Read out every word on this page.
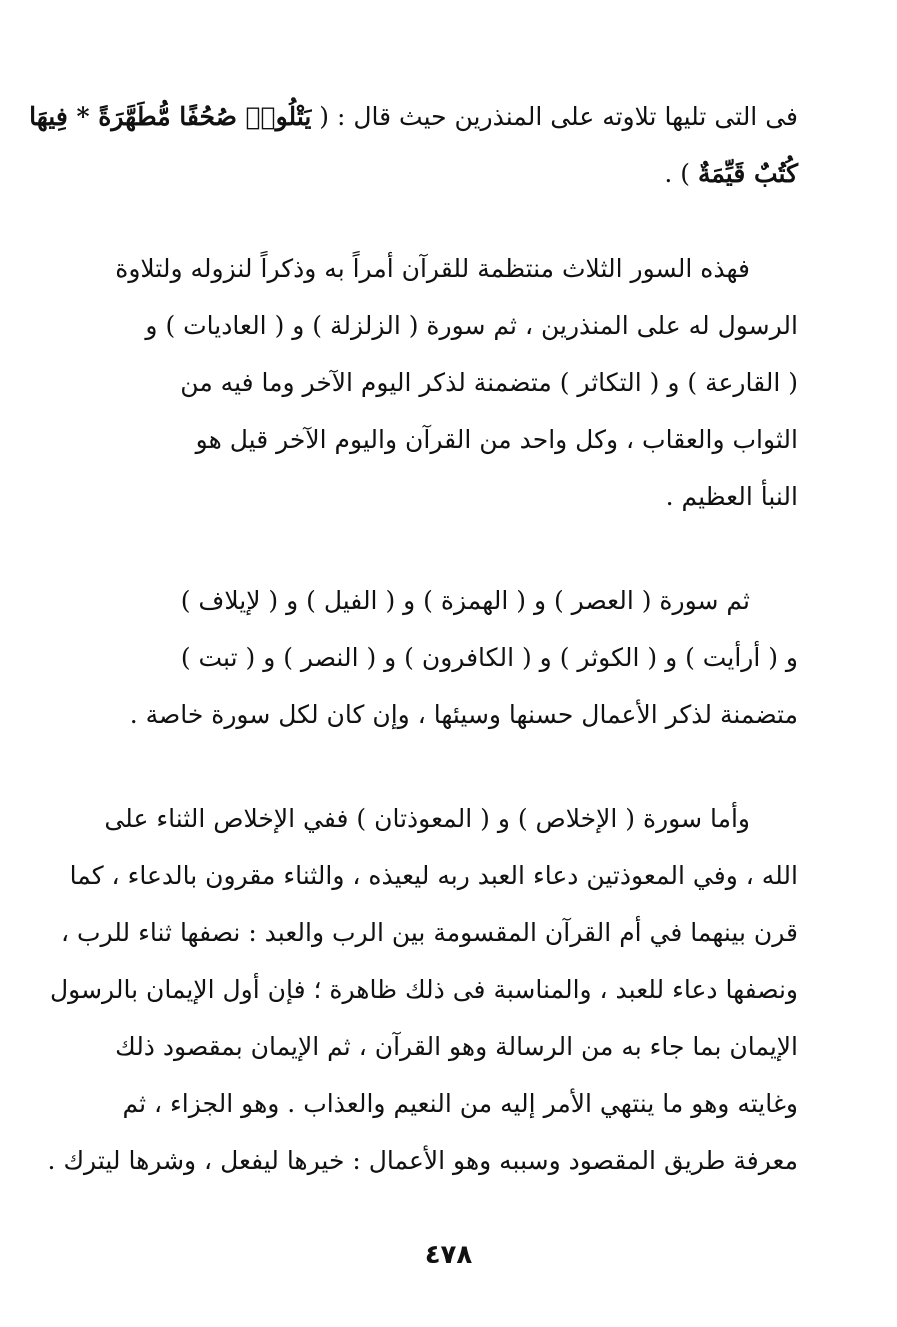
فى التى تليها تلاوته على المنذرين حيث قال : ( يَتْلُوا۟ صُحُفًا مُّطَهَّرَةً * فِيهَا
كُتُبٌ قَيِّمَةٌ ) .
فهذه السور الثلاث منتظمة للقرآن أمراً به وذكراً لنزوله ولتلاوة
الرسول له على المنذرين ، ثم سورة ( الزلزلة ) و ( العاديات ) و
( القارعة ) و ( التكاثر ) متضمنة لذكر اليوم الآخر وما فيه من
الثواب والعقاب ، وكل واحد من القرآن واليوم الآخر قيل هو
النبأ العظيم .
ثم سورة ( العصر ) و ( الهمزة ) و ( الفيل ) و ( لإيلاف )
و ( أرأيت ) و ( الكوثر ) و ( الكافرون ) و ( النصر ) و ( تبت )
متضمنة لذكر الأعمال حسنها وسيئها ، وإن كان لكل سورة خاصة .
وأما سورة ( الإخلاص ) و ( المعوذتان ) ففي الإخلاص الثناء على
الله ، وفي المعوذتين دعاء العبد ربه ليعيذه ، والثناء مقرون بالدعاء ، كما
قرن بينهما في أم القرآن المقسومة بين الرب والعبد : نصفها ثناء للرب ،
ونصفها دعاء للعبد ، والمناسبة فى ذلك ظاهرة ؛ فإن أول الإيمان بالرسول
الإيمان بما جاء به من الرسالة وهو القرآن ، ثم الإيمان بمقصود ذلك
وغايته وهو ما ينتهي الأمر إليه من النعيم والعذاب . وهو الجزاء ، ثم
معرفة طريق المقصود وسببه وهو الأعمال : خيرها ليفعل ، وشرها ليترك .
٤٧٨
